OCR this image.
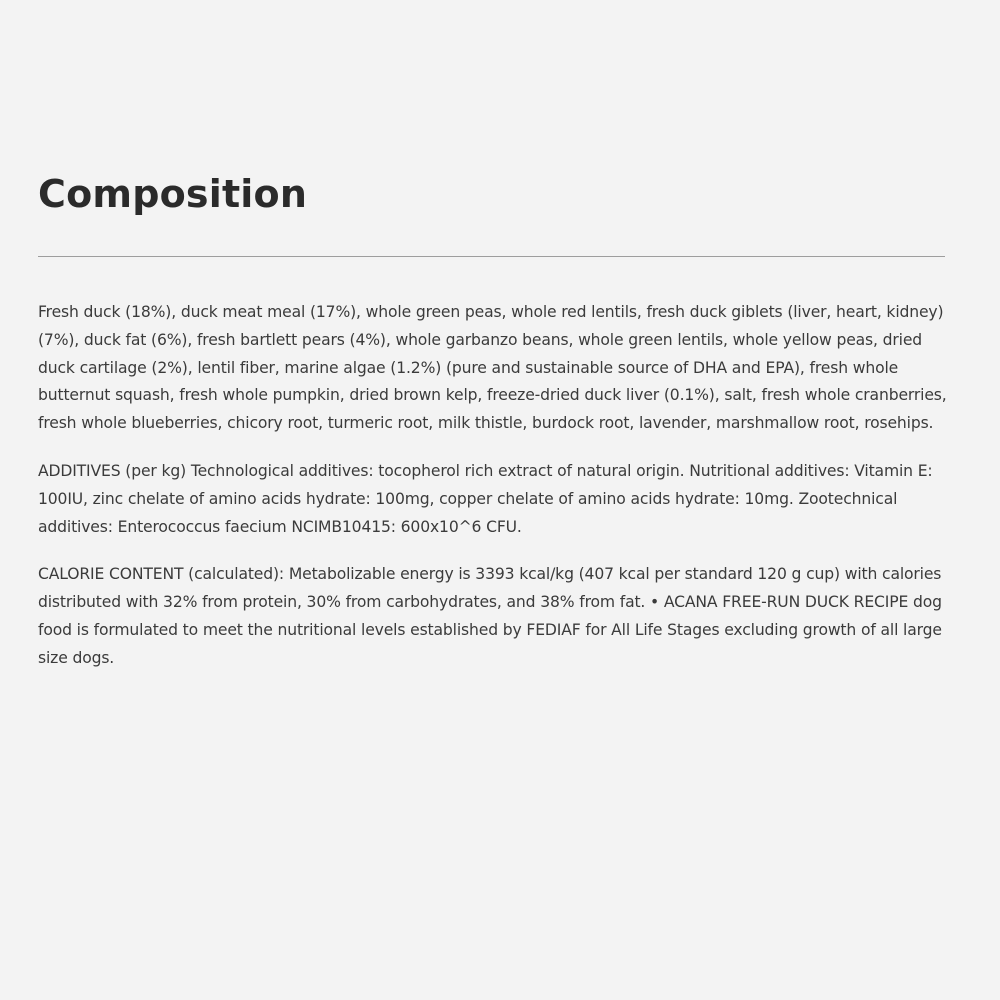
Composition

Fresh duck (18%), duck meat meal (17%), whole green peas, whole red lentils, fresh duck giblets (liver, heart, kidney) (7%), duck fat (6%), fresh bartlett pears (4%), whole garbanzo beans, whole green lentils, whole yellow peas, dried duck cartilage (2%), lentil fiber, marine algae (1.2%) (pure and sustainable source of DHA and EPA), fresh whole butternut squash, fresh whole pumpkin, dried brown kelp, freeze-dried duck liver (0.1%), salt, fresh whole cranberries, fresh whole blueberries, chicory root, turmeric root, milk thistle, burdock root, lavender, marshmallow root, rosehips.

ADDITIVES (per kg) Technological additives: tocopherol rich extract of natural origin. Nutritional additives: Vitamin E: 100IU, zinc chelate of amino acids hydrate: 100mg, copper chelate of amino acids hydrate: 10mg. Zootechnical additives: Enterococcus faecium NCIMB10415: 600x10^6 CFU.

CALORIE CONTENT (calculated): Metabolizable energy is 3393 kcal/kg (407 kcal per standard 120 g cup) with calories distributed with 32% from protein, 30% from carbohydrates, and 38% from fat. • ACANA FREE-RUN DUCK RECIPE dog food is formulated to meet the nutritional levels established by FEDIAF for All Life Stages excluding growth of all large size dogs.
